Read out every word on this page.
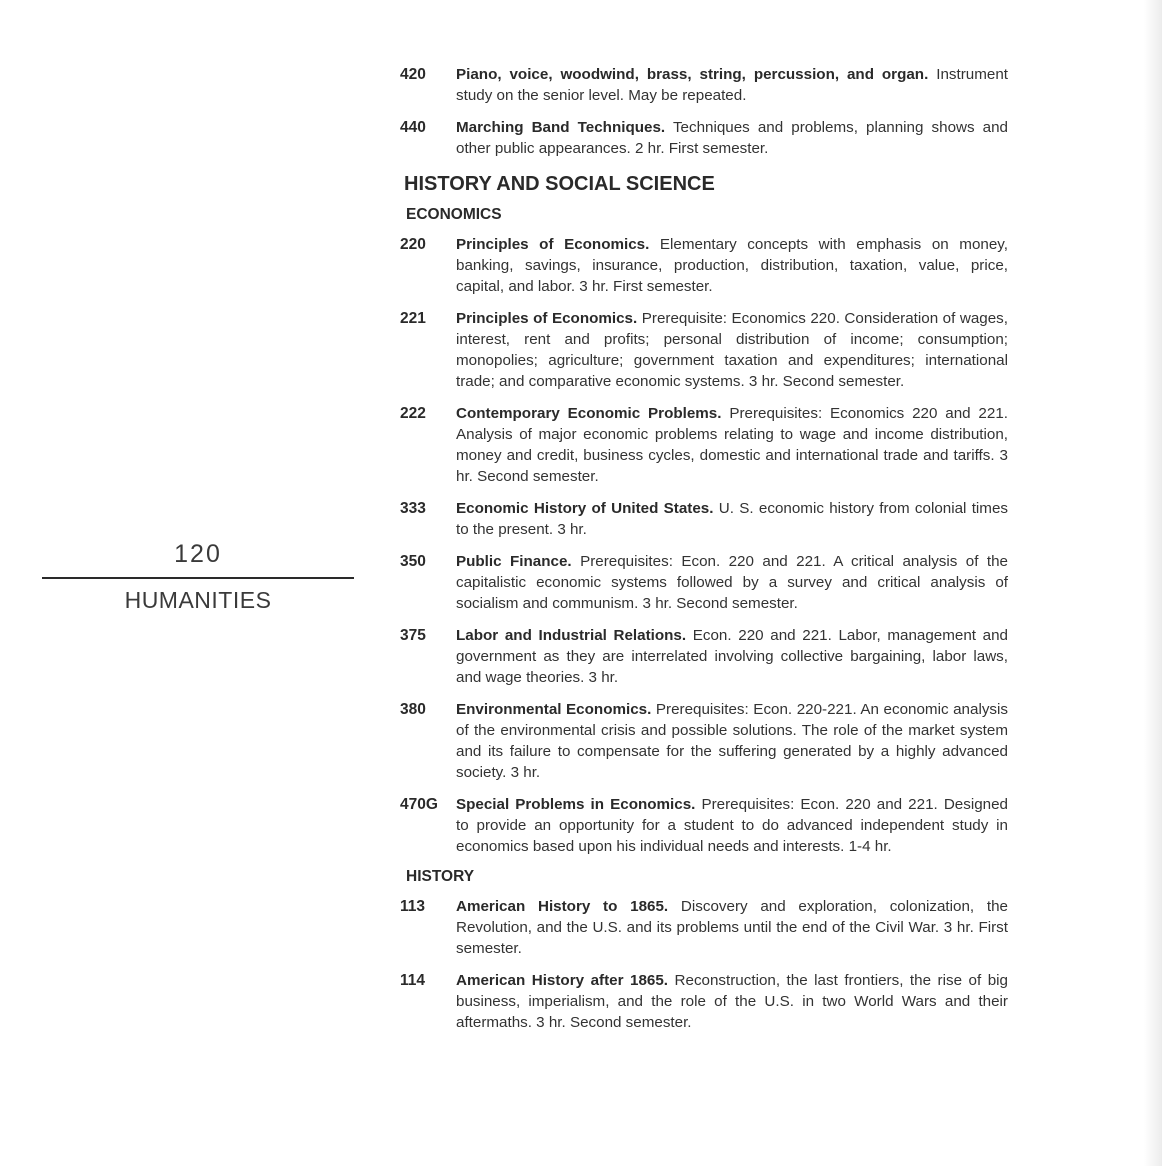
120
HUMANITIES
420	Piano, voice, woodwind, brass, string, percussion, and organ. Instrument study on the senior level. May be repeated.
440	Marching Band Techniques. Techniques and problems, planning shows and other public appearances. 2 hr. First semester.
HISTORY AND SOCIAL SCIENCE
ECONOMICS
220	Principles of Economics. Elementary concepts with emphasis on money, banking, savings, insurance, production, distribution, taxation, value, price, capital, and labor. 3 hr. First semester.
221	Principles of Economics. Prerequisite: Economics 220. Consideration of wages, interest, rent and profits; personal distribution of income; consumption; monopolies; agriculture; government taxation and expenditures; international trade; and comparative economic systems. 3 hr. Second semester.
222	Contemporary Economic Problems. Prerequisites: Economics 220 and 221. Analysis of major economic problems relating to wage and income distribution, money and credit, business cycles, domestic and international trade and tariffs. 3 hr. Second semester.
333	Economic History of United States. U. S. economic history from colonial times to the present. 3 hr.
350	Public Finance. Prerequisites: Econ. 220 and 221. A critical analysis of the capitalistic economic systems followed by a survey and critical analysis of socialism and communism. 3 hr. Second semester.
375	Labor and Industrial Relations. Econ. 220 and 221. Labor, management and government as they are interrelated involving collective bargaining, labor laws, and wage theories. 3 hr.
380	Environmental Economics. Prerequisites: Econ. 220-221. An economic analysis of the environmental crisis and possible solutions. The role of the market system and its failure to compensate for the suffering generated by a highly advanced society. 3 hr.
470G	Special Problems in Economics. Prerequisites: Econ. 220 and 221. Designed to provide an opportunity for a student to do advanced independent study in economics based upon his individual needs and interests. 1-4 hr.
HISTORY
113	American History to 1865. Discovery and exploration, colonization, the Revolution, and the U.S. and its problems until the end of the Civil War. 3 hr. First semester.
114	American History after 1865. Reconstruction, the last frontiers, the rise of big business, imperialism, and the role of the U.S. in two World Wars and their aftermaths. 3 hr. Second semester.
